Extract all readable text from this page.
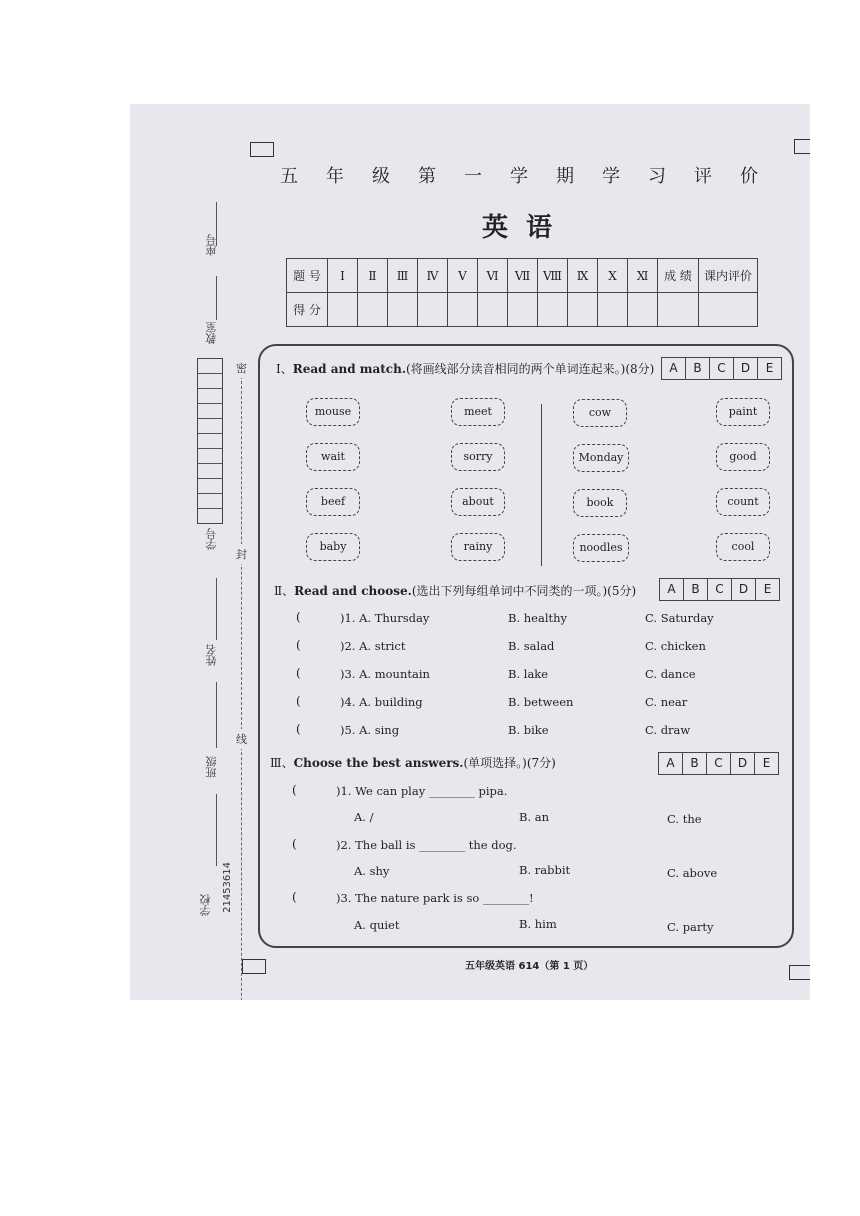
座号
教室
学号
姓名
班级
学校 21453614
密
封
线
五 年 级 第 一 学 期 学 习 评 价
英语
题 号	Ⅰ	Ⅱ	Ⅲ	Ⅳ	Ⅴ	Ⅵ	Ⅶ	Ⅷ	Ⅸ	Ⅹ	Ⅺ	成 绩	课内评价
得 分													
Ⅰ、Read and match.(将画线部分读音相同的两个单词连起来。)(8分)	A	B	C	D	E
mouse	meet	cow	paint
wait	sorry	Monday	good
beef	about	book	count
baby	rainy	noodles	cool
Ⅱ、Read and choose.(选出下列每组单词中不同类的一项。)(5分)	A	B	C	D	E
(	)1. A. Thursday	B. healthy	C. Saturday
(	)2. A. strict	B. salad	C. chicken
(	)3. A. mountain	B. lake	C. dance
(	)4. A. building	B. between	C. near
(	)5. A. sing	B. bike	C. draw
Ⅲ、Choose the best answers.(单项选择。)(7分)	A	B	C	D	E
(	)1. We can play ________ pipa.
A. /	B. an	C. the
(	)2. The ball is ________ the dog.
A. shy	B. rabbit	C. above
(	)3. The nature park is so ________!
A. quiet	B. him	C. party
五年级英语 614（第 1 页）
